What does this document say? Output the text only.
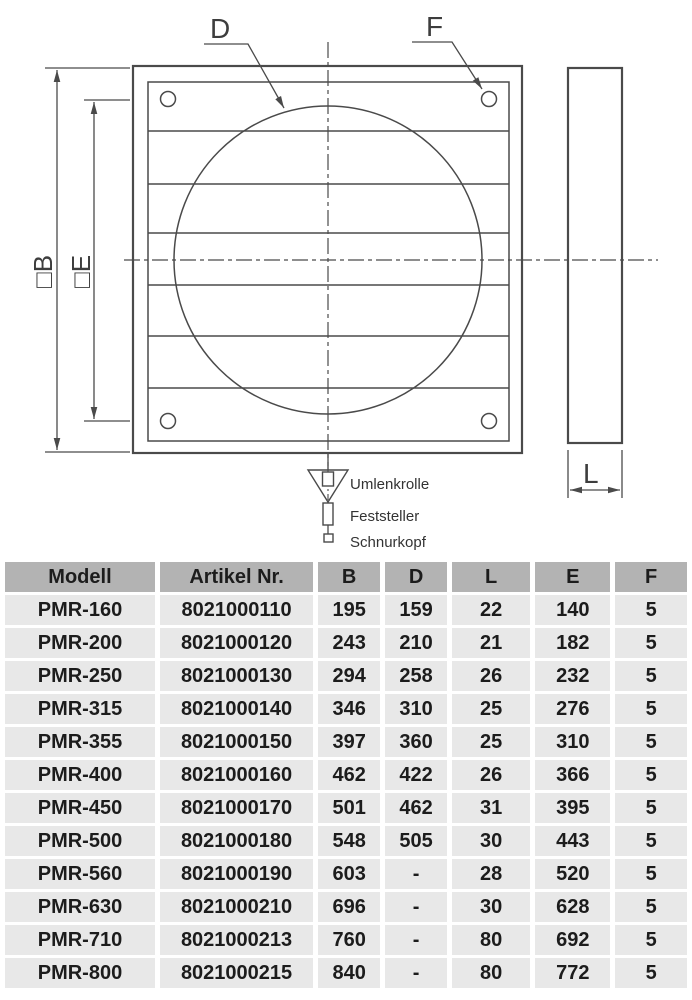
□B □E
D	F
L
Umlenkrolle
Feststeller
Schnurkopf
Modell	Artikel Nr.	B	D	L	E	F
PMR-160	8021000110	195	159	22	140	5
PMR-200	8021000120	243	210	21	182	5
PMR-250	8021000130	294	258	26	232	5
PMR-315	8021000140	346	310	25	276	5
PMR-355	8021000150	397	360	25	310	5
PMR-400	8021000160	462	422	26	366	5
PMR-450	8021000170	501	462	31	395	5
PMR-500	8021000180	548	505	30	443	5
PMR-560	8021000190	603	-	28	520	5
PMR-630	8021000210	696	-	30	628	5
PMR-710	8021000213	760	-	80	692	5
PMR-800	8021000215	840	-	80	772	5
